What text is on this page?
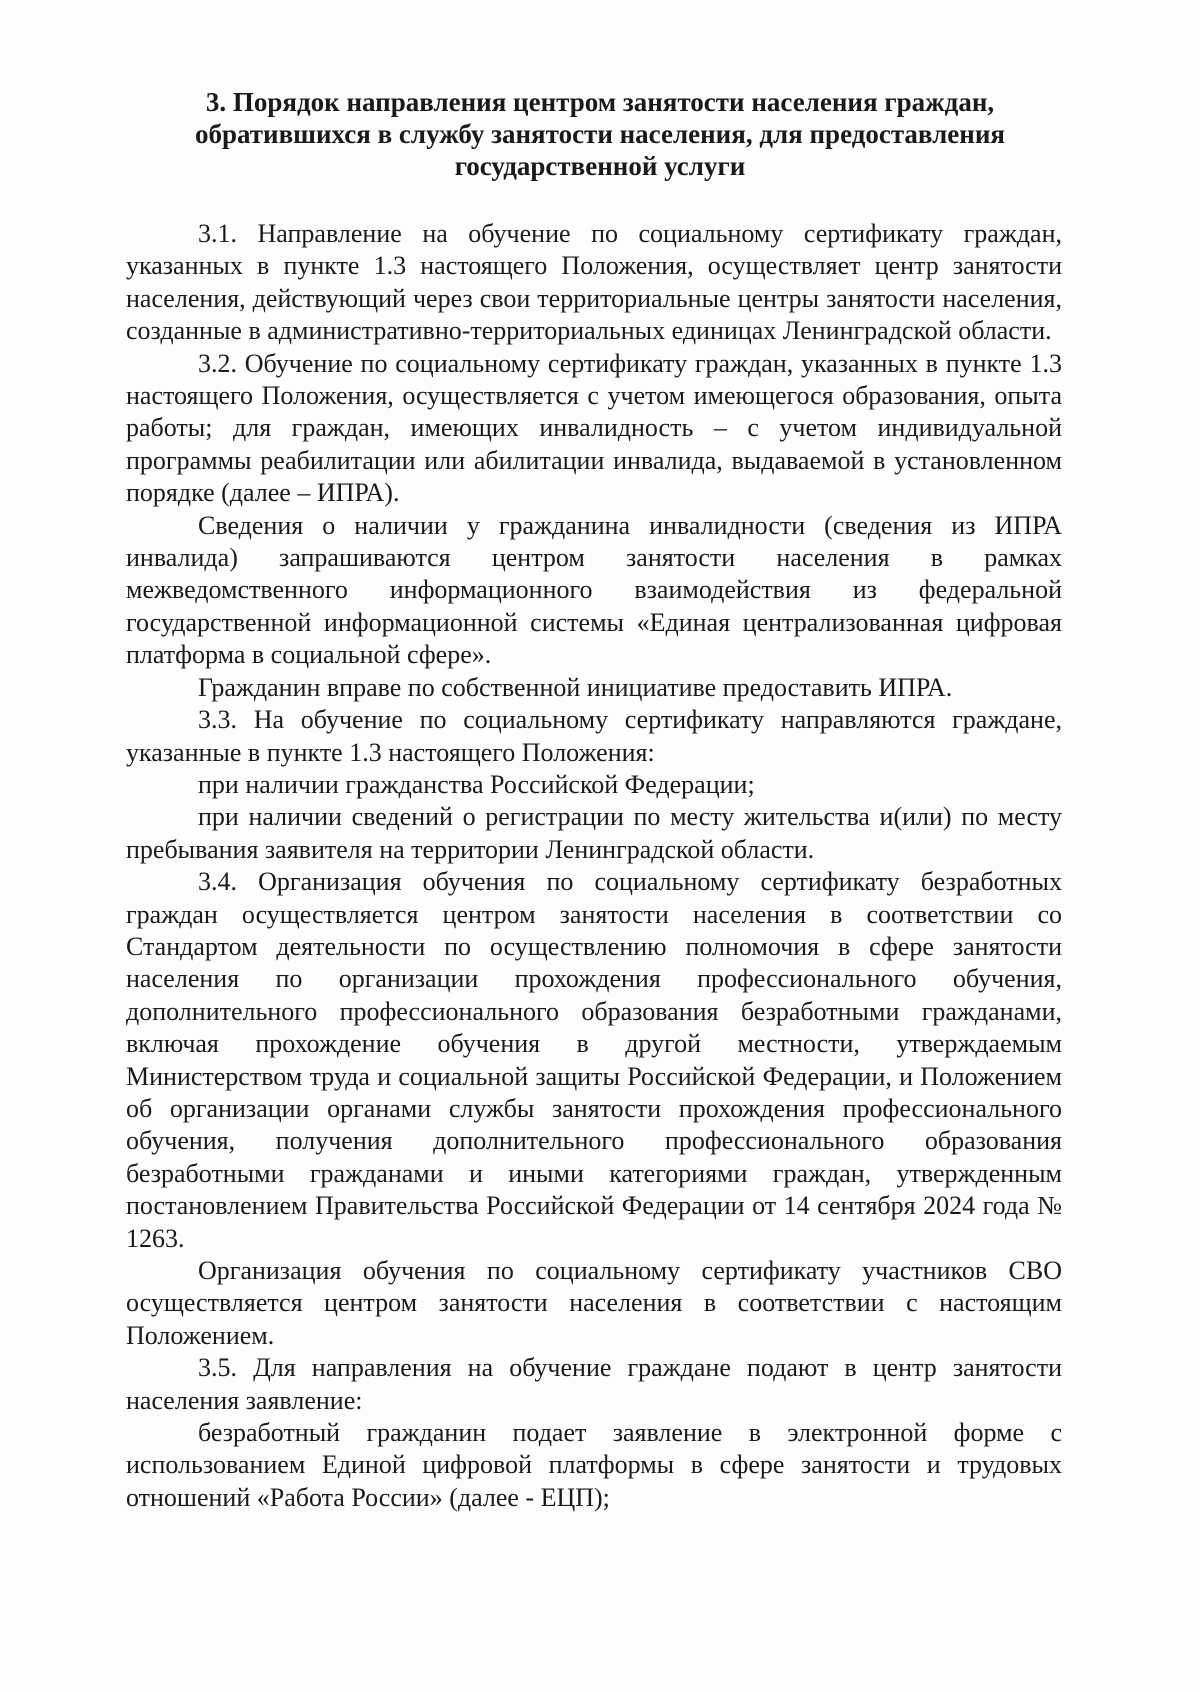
3. Порядок направления центром занятости населения граждан,
обратившихся в службу занятости населения, для предоставления
государственной услуги

3.1. Направление на обучение по социальному сертификату граждан, указанных в пункте 1.3 настоящего Положения, осуществляет центр занятости населения, действующий через свои территориальные центры занятости населения, созданные в административно-территориальных единицах Ленинградской области.

3.2. Обучение по социальному сертификату граждан, указанных в пункте 1.3 настоящего Положения, осуществляется с учетом имеющегося образования, опыта работы; для граждан, имеющих инвалидность – с учетом индивидуальной программы реабилитации или абилитации инвалида, выдаваемой в установленном порядке (далее – ИПРА).

Сведения о наличии у гражданина инвалидности (сведения из ИПРА инвалида) запрашиваются центром занятости населения в рамках межведомственного информационного взаимодействия из федеральной государственной информационной системы «Единая централизованная цифровая платформа в социальной сфере».

Гражданин вправе по собственной инициативе предоставить ИПРА.

3.3. На обучение по социальному сертификату направляются граждане, указанные в пункте 1.3 настоящего Положения:

при наличии гражданства Российской Федерации;

при наличии сведений о регистрации по месту жительства и(или) по месту пребывания заявителя на территории Ленинградской области.

3.4. Организация обучения по социальному сертификату безработных граждан осуществляется центром занятости населения в соответствии со Стандартом деятельности по осуществлению полномочия в сфере занятости населения по организации прохождения профессионального обучения, дополнительного профессионального образования безработными гражданами, включая прохождение обучения в другой местности, утверждаемым Министерством труда и социальной защиты Российской Федерации, и Положением об организации органами службы занятости прохождения профессионального обучения, получения дополнительного профессионального образования безработными гражданами и иными категориями граждан, утвержденным постановлением Правительства Российской Федерации от 14 сентября 2024 года № 1263.

Организация обучения по социальному сертификату участников СВО осуществляется центром занятости населения в соответствии с настоящим Положением.

3.5. Для направления на обучение граждане подают в центр занятости населения заявление:

безработный гражданин подает заявление в электронной форме с использованием Единой цифровой платформы в сфере занятости и трудовых отношений «Работа России» (далее - ЕЦП);
